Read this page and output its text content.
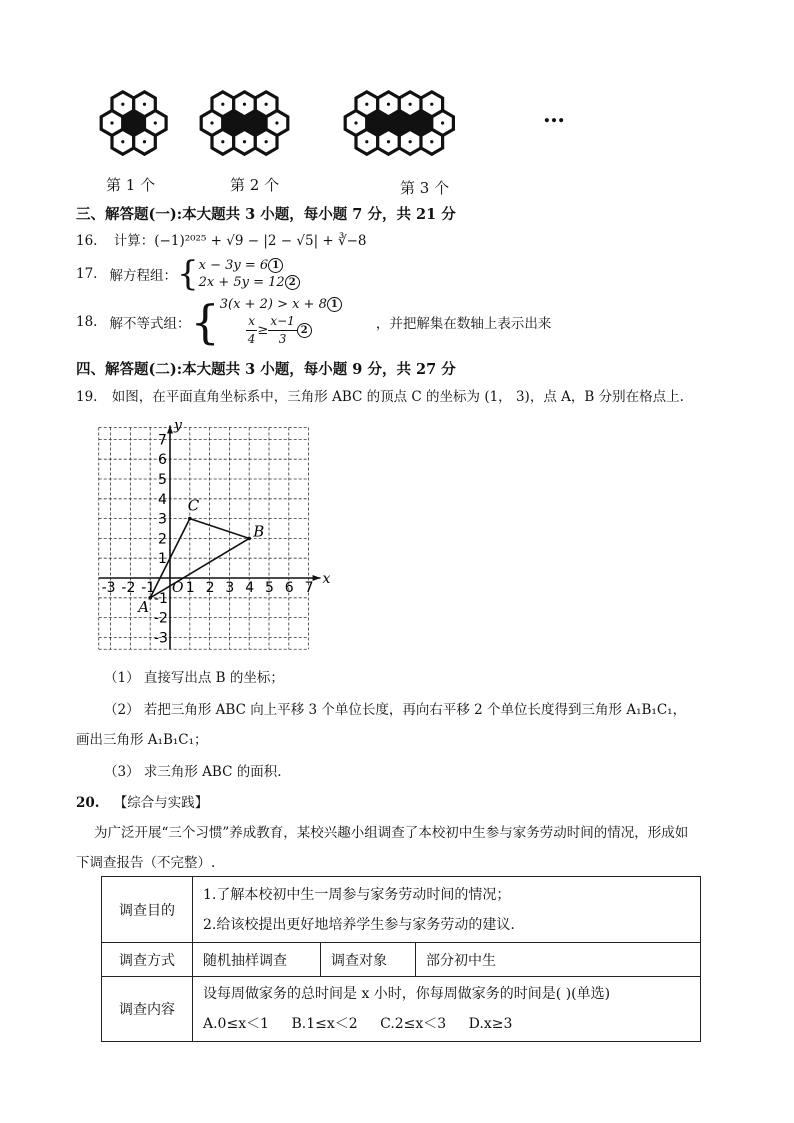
第 1 个	第 2 个	第 3 个
…
三、解答题(一):本大题共 3 小题，每小题 7 分，共 21 分
16. 计算：(−1)²⁰²⁵ + √9 − |2 − √5| + ∛−8
17. 解方程组： { x − 3y = 6 1
2x + 5y = 12 2
18. 解不等式组： { 3(x + 2) > x + 8 1
$\frac{x}{4} \ge \frac{x-1}{3} 2$	，并把解集在数轴上表示出来
四、解答题(二):本大题共 3 小题，每小题 9 分，共 27 分
19. 如图，在平面直角坐标系中，三角形 ABC 的顶点 C 的坐标为 (1， 3)，点 A，B 分别在格点上.
x
y
O
-3 -2 -1 1 2 3 4 5 6 7
7
6
5
4
3
2
1
-1
-2
-3
A
B
C
（1） 直接写出点 B 的坐标；
（2） 若把三角形 ABC 向上平移 3 个单位长度，再向右平移 2 个单位长度得到三角形 A₁B₁C₁，
画出三角形 A₁B₁C₁；
（3） 求三角形 ABC 的面积.
20. 【综合与实践】
为广泛开展“三个习惯”养成教育，某校兴趣小组调查了本校初中生参与家务劳动时间的情况，形成如
下调查报告（不完整）.
调查目的	1.了解本校初中生一周参与家务劳动时间的情况；
2.给该校提出更好地培养学生参与家务劳动的建议.		

调查方式	随机抽样调查	调查对象	部分初中生
调查内容	设每周做家务的总时间是 x 小时，你每周做家务的时间是( )(单选)
A.0≤x＜1 B.1≤x＜2 C.2≤x＜3 D.x≥3		
